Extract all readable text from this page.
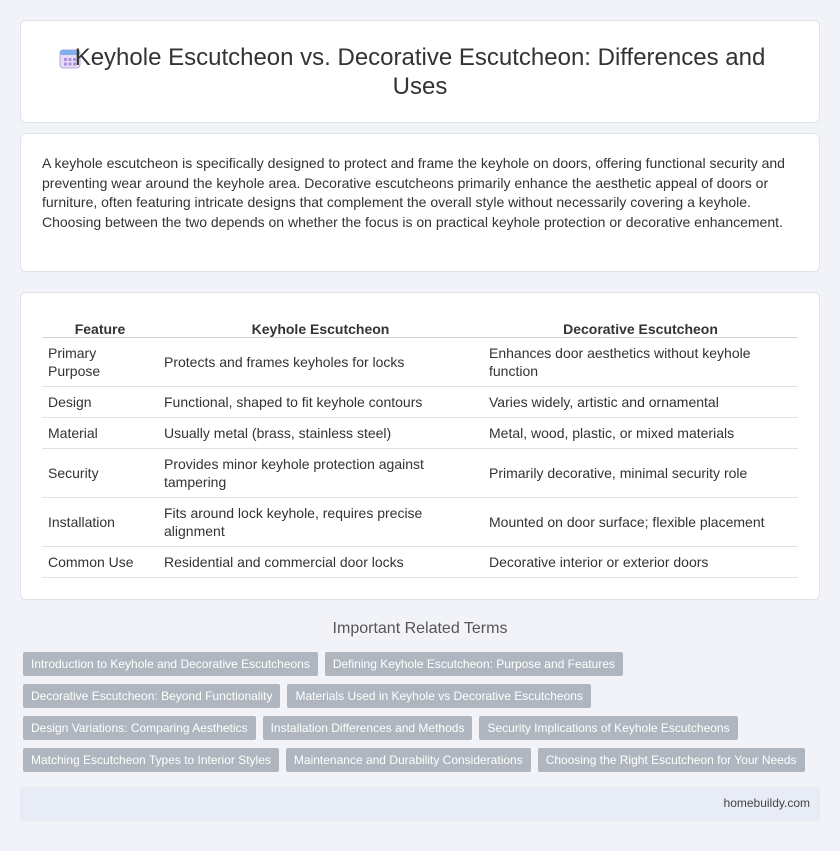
Keyhole Escutcheon vs. Decorative Escutcheon: Differences and Uses
A keyhole escutcheon is specifically designed to protect and frame the keyhole on doors, offering functional security and preventing wear around the keyhole area. Decorative escutcheons primarily enhance the aesthetic appeal of doors or furniture, often featuring intricate designs that complement the overall style without necessarily covering a keyhole. Choosing between the two depends on whether the focus is on practical keyhole protection or decorative enhancement.
Feature	Keyhole Escutcheon	Decorative Escutcheon
Primary Purpose	Protects and frames keyholes for locks	Enhances door aesthetics without keyhole function
Design	Functional, shaped to fit keyhole contours	Varies widely, artistic and ornamental
Material	Usually metal (brass, stainless steel)	Metal, wood, plastic, or mixed materials
Security	Provides minor keyhole protection against tampering	Primarily decorative, minimal security role
Installation	Fits around lock keyhole, requires precise alignment	Mounted on door surface; flexible placement
Common Use	Residential and commercial door locks	Decorative interior or exterior doors
Important Related Terms
Introduction to Keyhole and Decorative Escutcheons	Defining Keyhole Escutcheon: Purpose and Features
Decorative Escutcheon: Beyond Functionality	Materials Used in Keyhole vs Decorative Escutcheons
Design Variations: Comparing Aesthetics	Installation Differences and Methods	Security Implications of Keyhole Escutcheons
Matching Escutcheon Types to Interior Styles	Maintenance and Durability Considerations	Choosing the Right Escutcheon for Your Needs
homebuildy.com
